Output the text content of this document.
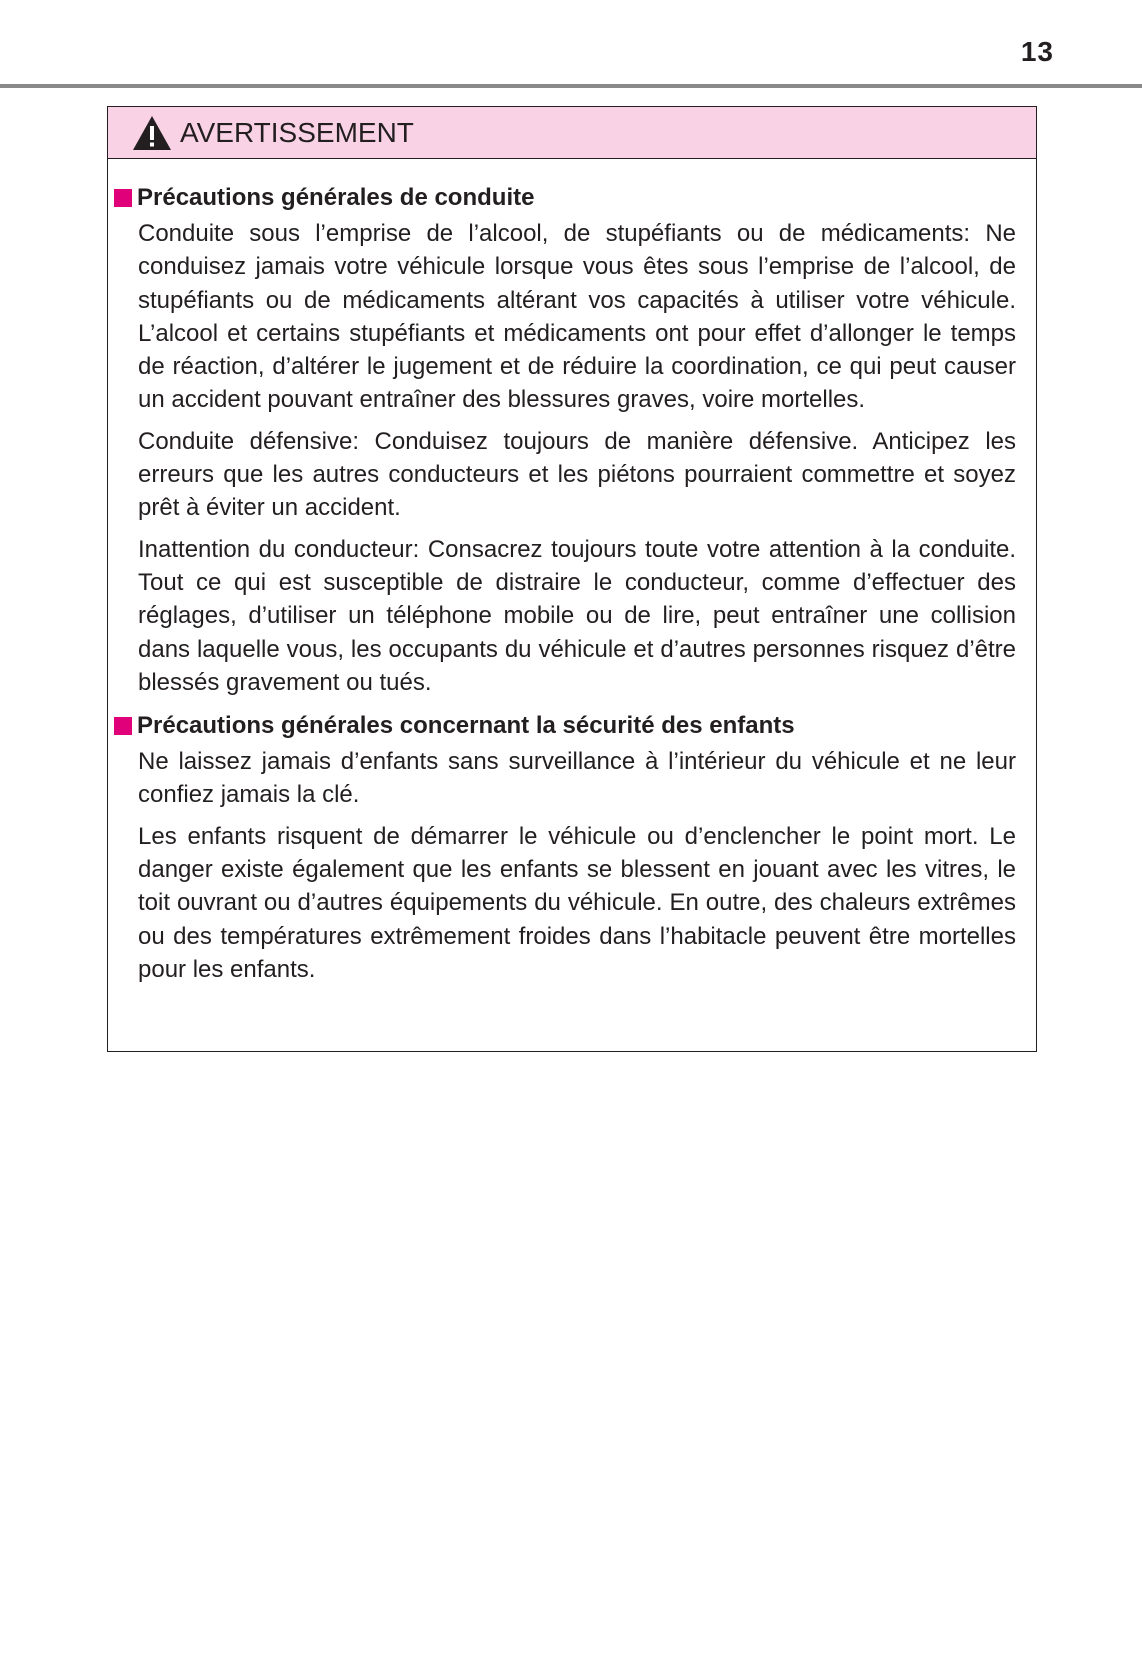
13
AVERTISSEMENT
Précautions générales de conduite

Conduite sous l’emprise de l’alcool, de stupéfiants ou de médicaments: Ne conduisez jamais votre véhicule lorsque vous êtes sous l’emprise de l’alcool, de stupéfiants ou de médicaments altérant vos capacités à utiliser votre véhicule. L’alcool et certains stupéfiants et médicaments ont pour effet d’allonger le temps de réaction, d’altérer le jugement et de réduire la coordination, ce qui peut causer un accident pouvant entraîner des blessures graves, voire mortelles.

Conduite défensive: Conduisez toujours de manière défensive. Anticipez les erreurs que les autres conducteurs et les piétons pourraient commettre et soyez prêt à éviter un accident.

Inattention du conducteur: Consacrez toujours toute votre attention à la conduite. Tout ce qui est susceptible de distraire le conducteur, comme d’effectuer des réglages, d’utiliser un téléphone mobile ou de lire, peut entraîner une collision dans laquelle vous, les occupants du véhicule et d’autres personnes risquez d’être blessés gravement ou tués.

Précautions générales concernant la sécurité des enfants

Ne laissez jamais d’enfants sans surveillance à l’intérieur du véhicule et ne leur confiez jamais la clé.

Les enfants risquent de démarrer le véhicule ou d’enclencher le point mort. Le danger existe également que les enfants se blessent en jouant avec les vitres, le toit ouvrant ou d’autres équipements du véhicule. En outre, des chaleurs extrêmes ou des températures extrêmement froides dans l’habitacle peuvent être mortelles pour les enfants.
